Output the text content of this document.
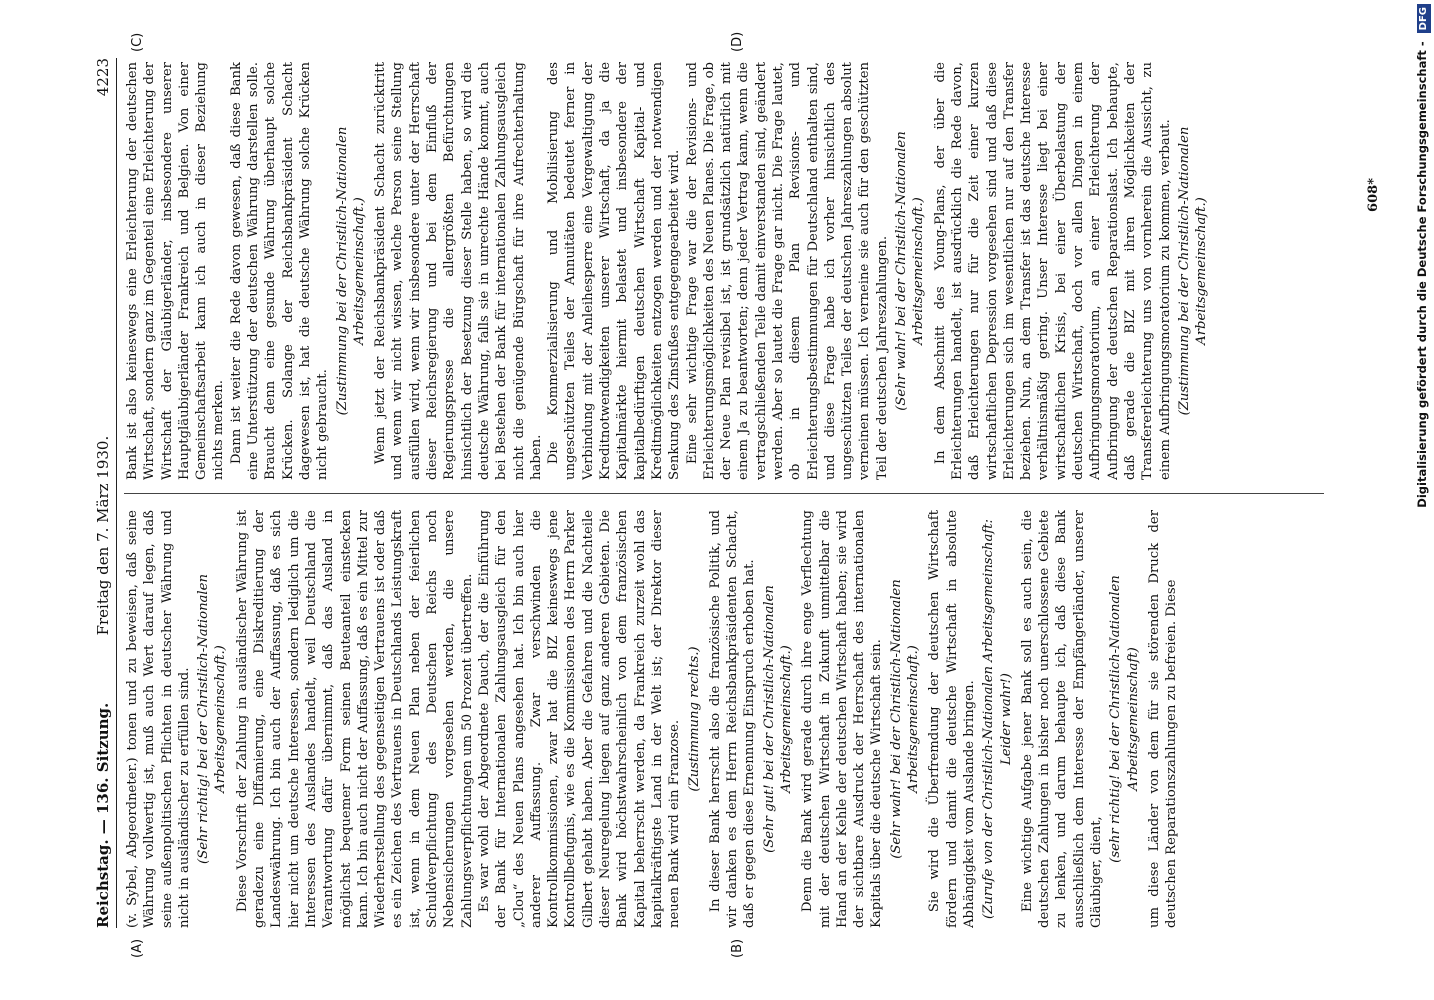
Reichstag. — 136. Sitzung.
Freitag den 7. März 1930.  4223

(v. Sybel, Abgeordneter.) tonen und zu beweisen, daß seine Währung vollwertig ist, muß auch Wert darauf legen, daß seine außenpolitischen Pflichten in deutscher Währung und nicht in ausländischer zu erfüllen sind. (Sehr richtig! bei der Christlich-Nationalen Arbeitsgemeinschaft.) Diese Vorschrift der Zahlung in ausländischer Währung ist geradezu eine Diffamierung, eine Diskreditierung der Landeswährung. Ich bin auch der Auffassung, daß es sich hier nicht um deutsche Interessen, sondern lediglich um die Interessen des Auslandes handelt, weil Deutschland die Verantwortung dafür übernimmt, daß das Ausland in möglichst bequemer Form seinen Beuteanteil einstecken kann. Ich bin auch nicht der Auffassung, daß es ein Mittel zur Wiederherstellung des gegenseitigen Vertrauens ist oder daß es ein Zeichen des Vertrauens in Deutschlands Leistungskraft ist, wenn in dem Neuen Plan neben der feierlichen Schuldverpflichtung des Deutschen Reichs noch Nebensicherungen vorgesehen werden, die unsere Zahlungsverpflichtungen um 50 Prozent übertreffen. Es war wohl der Abgeordnete Dauch, der die Einführung der Bank für Internationalen Zahlungsausgleich für den „Clou“ des Neuen Plans angesehen hat. Ich bin auch hier anderer Auffassung. Zwar verschwinden die Kontrollkommissionen, zwar hat die BIZ keineswegs jene Kontrollbefugnis, wie es die Kommissionen des Herrn Parker Gilbert gehabt haben. Aber die Gefahren und die Nachteile dieser Neuregelung liegen auf ganz anderen Gebieten. Die Bank wird höchstwahrscheinlich von dem französischen Kapital beherrscht werden, da Frankreich zurzeit wohl das kapitalkräftigste Land in der Welt ist; der Direktor dieser neuen Bank wird ein Franzose.

(Zustimmung rechts.) In dieser Bank herrscht also die französische Politik, und wir danken es dem Herrn Reichsbankpräsidenten Schacht, daß er gegen diese Ernennung Einspruch erhoben hat. (Sehr gut! bei der Christlich-Nationalen Arbeitsgemeinschaft.) Denn die Bank wird gerade durch ihre enge Verflechtung mit der deutschen Wirtschaft in Zukunft unmittelbar die Hand an der Kehle der deutschen Wirtschaft haben; sie wird der sichtbare Ausdruck der Herrschaft des internationalen Kapitals über die deutsche Wirtschaft sein. (Sehr wahr! bei der Christlich-Nationalen Arbeitsgemeinschaft.) Sie wird die Überfremdung der deutschen Wirtschaft fördern und damit die deutsche Wirtschaft in absolute Abhängigkeit vom Auslande bringen. (Zurufe von der Christlich-Nationalen Arbeitsgemeinschaft: Leider wahr!) Eine wichtige Aufgabe jener Bank soll es auch sein, die deutschen Zahlungen in bisher noch unerschlossene Gebiete zu lenken, und darum behaupte ich, daß diese Bank ausschließlich dem Interesse der Empfängerländer, unserer Gläubiger, dient,

(sehr richtig! bei der Christlich-Nationalen Arbeitsgemeinschaft) um diese Länder von dem für sie störenden Druck der deutschen Reparationszahlungen zu befreien. Diese

Bank ist also keineswegs eine Erleichterung der deutschen Wirtschaft, sondern ganz im Gegenteil eine Erleichterung der Wirtschaft der Gläubigerländer, insbesondere unserer Hauptgläubigerländer Frankreich und Belgien. Von einer Gemeinschaftsarbeit kann ich auch in dieser Beziehung nichts merken. Dann ist weiter die Rede davon gewesen, daß diese Bank eine Unterstützung der deutschen Währung darstellen solle. Braucht denn eine gesunde Währung überhaupt solche Krücken. Solange der Reichsbankpräsident Schacht dagewesen ist, hat die deutsche Währung solche Krücken nicht gebraucht.

(Zustimmung bei der Christlich-Nationalen Arbeitsgemeinschaft.) Wenn jetzt der Reichsbankpräsident Schacht zurücktritt und wenn wir nicht wissen, welche Person seine Stellung ausfüllen wird, wenn wir insbesondere unter der Herrschaft dieser Reichsregierung und bei dem Einfluß der Regierungspresse die allergrößten Befürchtungen hinsichtlich der Besetzung dieser Stelle haben, so wird die deutsche Währung, falls sie in unrechte Hände kommt, auch bei Bestehen der Bank für internationalen Zahlungsausgleich nicht die genügende Bürgschaft für ihre Aufrechterhaltung haben. Die Kommerzialisierung und Mobilisierung des ungeschützten Teiles der Annuitäten bedeutet ferner in Verbindung mit der Anleihesperre eine Vergewaltigung der Kreditnotwendigkeiten unserer Wirtschaft, da ja die Kapitalmärkte hiermit belastet und insbesondere der kapitalbedürftigen deutschen Wirtschaft Kapital- und Kreditmöglichkeiten entzogen werden und der notwendigen Senkung des Zinsfußes entgegengearbeitet wird. Eine sehr wichtige Frage war die der Revisions- und Erleichterungsmöglichkeiten des Neuen Planes. Die Frage, ob der Neue Plan revisibel ist, ist grundsätzlich natürlich mit einem Ja zu beantworten; denn jeder Vertrag kann, wenn die vertragschließenden Teile damit einverstanden sind, geändert werden. Aber so lautet die Frage gar nicht. Die Frage lautet, ob in diesem Plan Revisions- und Erleichterungsbestimmungen für Deutschland enthalten sind, und diese Frage habe ich vorher hinsichtlich des ungeschützten Teiles der deutschen Jahreszahlungen absolut verneinen müssen. Ich verneine sie auch für den geschützten Teil der deutschen Jahreszahlungen. (Sehr wahr! bei der Christlich-Nationalen Arbeitsgemeinschaft.) In dem Abschnitt des Young-Plans, der über die Erleichterungen handelt, ist ausdrücklich die Rede davon, daß Erleichterungen nur für die Zeit einer kurzen wirtschaftlichen Depression vorgesehen sind und daß diese Erleichterungen sich im wesentlichen nur auf den Transfer beziehen. Nun, an dem Transfer ist das deutsche Interesse verhältnismäßig gering. Unser Interesse liegt bei einer wirtschaftlichen Krisis, bei einer Überbelastung der deutschen Wirtschaft, doch vor allen Dingen in einem Aufbringungsmoratorium, an einer Erleichterung der Aufbringung der deutschen Reparationslast. Ich behaupte, daß gerade die BIZ mit ihren Möglichkeiten der Transfererleichterung uns von vornherein die Aussicht, zu einem Aufbringungsmoratorium zu kommen, verbaut. (Zustimmung bei der Christlich-Nationalen Arbeitsgemeinschaft.)

(A)	(B)
(C)	(D)
608*	Digitalisierung gefördert durch die Deutsche Forschungsgemeinschaft - DFG
